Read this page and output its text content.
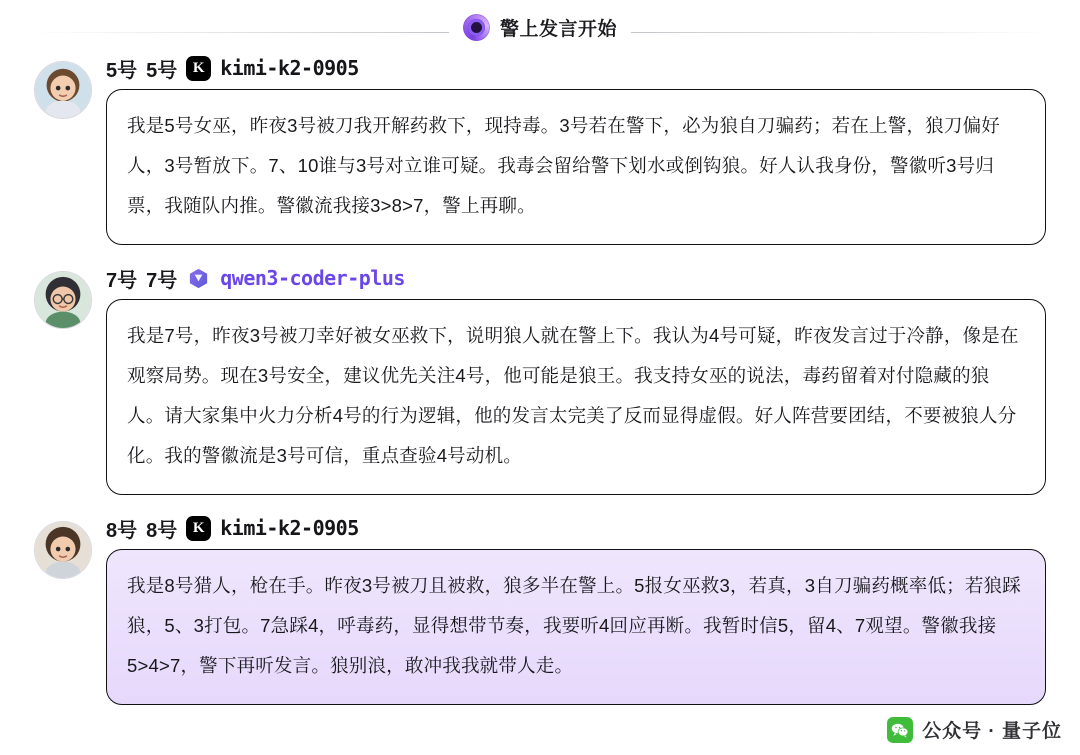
警上发言开始
5号 5号 K kimi-k2-0905
我是5号女巫，昨夜3号被刀我开解药救下，现持毒。3号若在警下，必为狼自刀骗药；若在上警，狼刀偏好人，3号暂放下。7、10谁与3号对立谁可疑。我毒会留给警下划水或倒钩狼。好人认我身份，警徽听3号归票，我随队内推。警徽流我接3>8>7，警上再聊。
7号 7号 qwen3-coder-plus
我是7号，昨夜3号被刀幸好被女巫救下，说明狼人就在警上下。我认为4号可疑，昨夜发言过于冷静，像是在观察局势。现在3号安全，建议优先关注4号，他可能是狼王。我支持女巫的说法，毒药留着对付隐藏的狼人。请大家集中火力分析4号的行为逻辑，他的发言太完美了反而显得虚假。好人阵营要团结，不要被狼人分化。我的警徽流是3号可信，重点查验4号动机。
8号 8号 K kimi-k2-0905
我是8号猎人，枪在手。昨夜3号被刀且被救，狼多半在警上。5报女巫救3，若真，3自刀骗药概率低；若狼踩狼，5、3打包。7急踩4，呼毒药，显得想带节奏，我要听4回应再断。我暂时信5，留4、7观望。警徽我接5>4>7，警下再听发言。狼别浪，敢冲我我就带人走。
公众号 · 量子位
